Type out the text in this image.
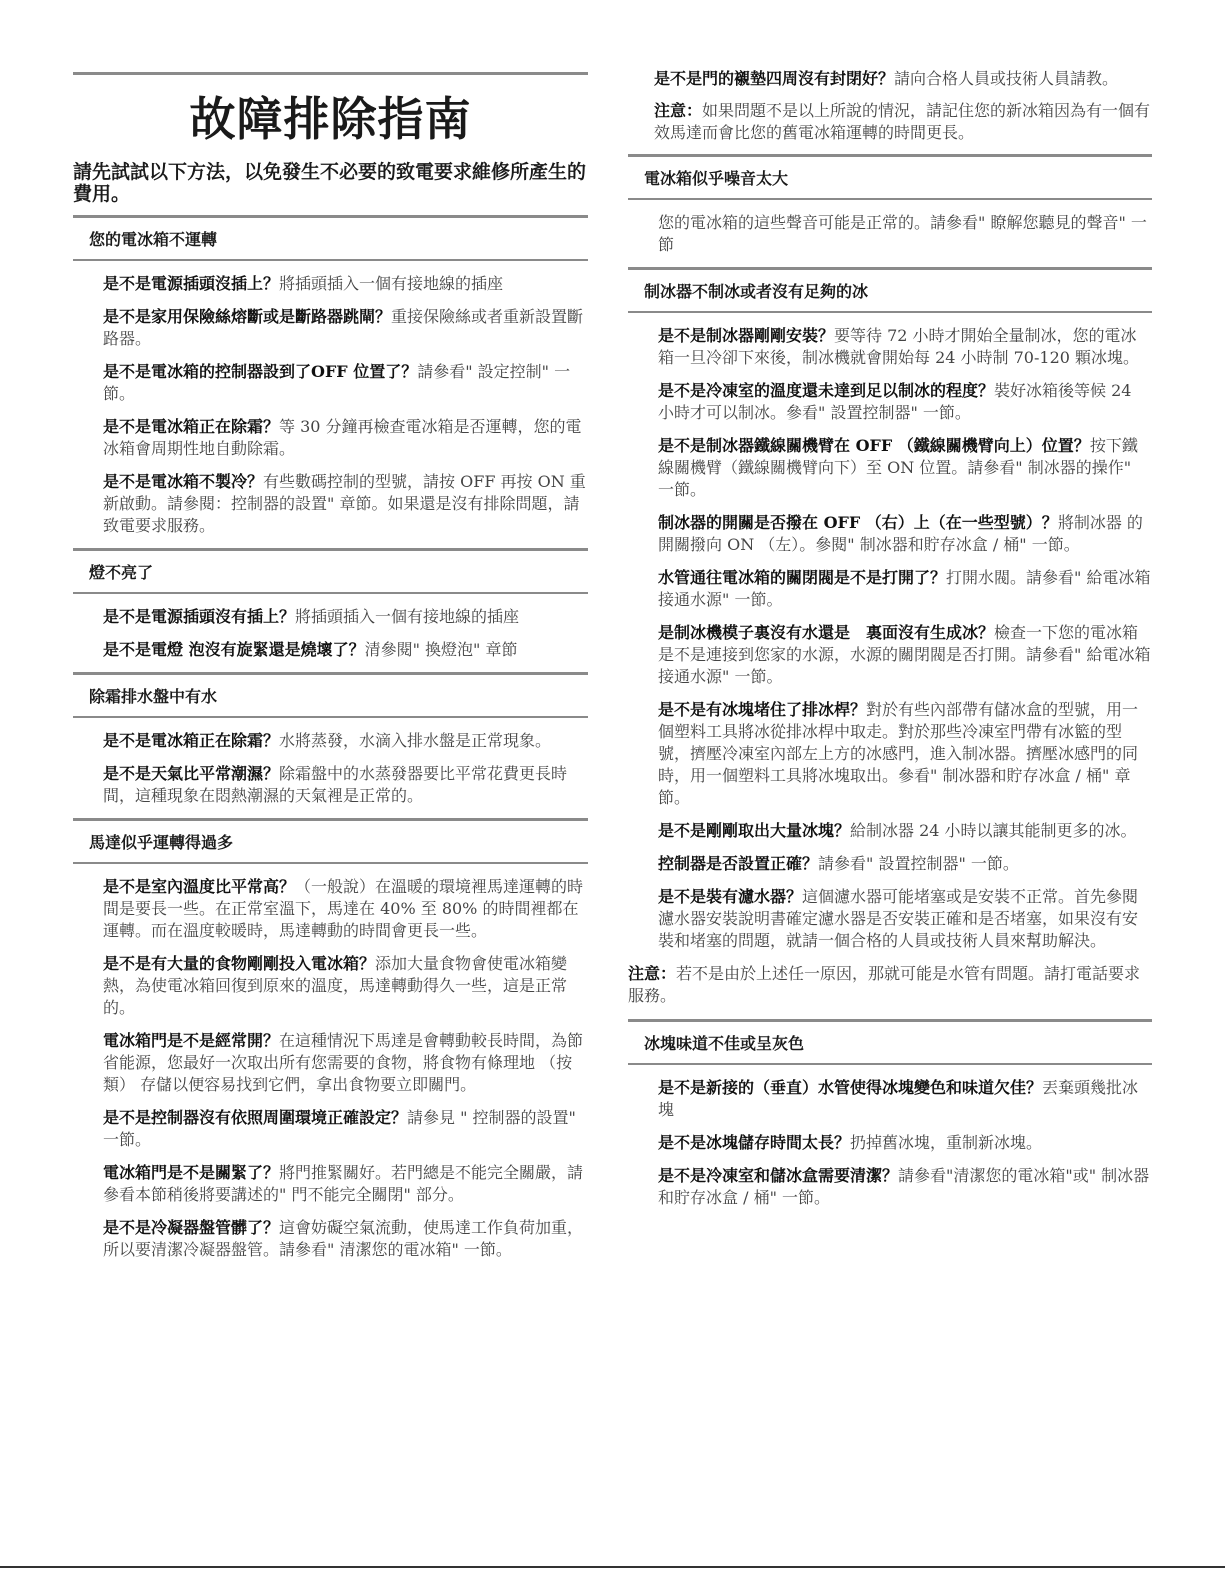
故障排除指南
請先試試以下方法，以免發生不必要的致電要求維修所產生的費用。
您的電冰箱不運轉
是不是電源插頭沒插上？將插頭插入一個有接地線的插座
是不是家用保險絲熔斷或是斷路器跳閘？重接保險絲或者重新設置斷路器。
是不是電冰箱的控制器設到了OFF 位置了？請參看" 設定控制" 一節。
是不是電冰箱正在除霜？等 30 分鐘再檢查電冰箱是否運轉，您的電冰箱會周期性地自動除霜。
是不是電冰箱不製冷？有些數碼控制的型號，請按 OFF 再按 ON 重新啟動。請參閱：控制器的設置" 章節。如果還是沒有排除問題，請致電要求服務。
燈不亮了
是不是電源插頭沒有插上？將插頭插入一個有接地線的插座
是不是電燈 泡沒有旋緊還是燒壞了？清參閱" 換燈泡" 章節
除霜排水盤中有水
是不是電冰箱正在除霜？水將蒸發，水滴入排水盤是正常現象。
是不是天氣比平常潮濕？除霜盤中的水蒸發器要比平常花費更長時間，這種現象在悶熱潮濕的天氣裡是正常的。
馬達似乎運轉得過多
是不是室內溫度比平常高？（一般說）在溫暖的環境裡馬達運轉的時間是要長一些。在正常室溫下，馬達在 40% 至 80% 的時間裡都在運轉。而在溫度較暖時，馬達轉動的時間會更長一些。
是不是有大量的食物剛剛投入電冰箱？添加大量食物會使電冰箱變熱，為使電冰箱回復到原來的溫度，馬達轉動得久一些，這是正常的。
電冰箱門是不是經常開？在這種情況下馬達是會轉動較長時間，為節省能源，您最好一次取出所有您需要的食物，將食物有條理地 （按類） 存儲以便容易找到它們，拿出食物要立即關門。
是不是控制器沒有依照周圍環境正確設定？請參見 " 控制器的設置" 一節。
電冰箱門是不是關緊了？將門推緊關好。若門總是不能完全關嚴，請參看本節稍後將要講述的" 門不能完全關閉" 部分。
是不是冷凝器盤管髒了？這會妨礙空氣流動，使馬達工作負荷加重，所以要清潔冷凝器盤管。請參看" 清潔您的電冰箱" 一節。
是不是門的襯墊四周沒有封閉好？請向合格人員或技術人員請教。
注意：如果問題不是以上所說的情況，請記住您的新冰箱因為有一個有效馬達而會比您的舊電冰箱運轉的時間更長。
電冰箱似乎噪音太大
您的電冰箱的這些聲音可能是正常的。請參看" 瞭解您聽見的聲音" 一節
制冰器不制冰或者沒有足夠的冰
是不是制冰器剛剛安裝？要等待 72 小時才開始全量制冰，您的電冰箱一旦冷卻下來後，制冰機就會開始每 24 小時制 70-120 顆冰塊。
是不是冷凍室的溫度還未達到足以制冰的程度？裝好冰箱後等候 24 小時才可以制冰。參看" 設置控制器" 一節。
是不是制冰器鐵線關機臂在 OFF （鐵線關機臂向上）位置？按下鐵線關機臂（鐵線關機臂向下）至 ON 位置。請參看" 制冰器的操作" 一節。
制冰器的開關是否撥在 OFF （右）上（在一些型號）？將制冰器 的開關撥向 ON （左）。參閱" 制冰器和貯存冰盒 / 桶" 一節。
水管通往電冰箱的關閉閥是不是打開了？打開水閥。請參看" 給電冰箱接通水源" 一節。
是制冰機模子裏沒有水還是　裏面沒有生成冰？檢查一下您的電冰箱是不是連接到您家的水源，水源的關閉閥是否打開。請參看" 給電冰箱接通水源" 一節。
是不是有冰塊堵住了排冰桿？對於有些內部帶有儲冰盒的型號，用一個塑料工具將冰從排冰桿中取走。對於那些冷凍室門帶有冰籃的型號，擠壓冷凍室內部左上方的冰感門，進入制冰器。擠壓冰感門的同時，用一個塑料工具將冰塊取出。參看" 制冰器和貯存冰盒 / 桶" 章節。
是不是剛剛取出大量冰塊？給制冰器 24 小時以讓其能制更多的冰。
控制器是否設置正確？請參看" 設置控制器" 一節。
是不是裝有濾水器？這個濾水器可能堵塞或是安裝不正常。首先參閱濾水器安裝說明書確定濾水器是否安裝正確和是否堵塞，如果沒有安裝和堵塞的問題，就請一個合格的人員或技術人員來幫助解決。
注意：若不是由於上述任一原因，那就可能是水管有問題。請打電話要求服務。
冰塊味道不佳或呈灰色
是不是新接的（垂直）水管使得冰塊變色和味道欠佳？丟棄頭幾批冰塊
是不是冰塊儲存時間太長？扔掉舊冰塊，重制新冰塊。
是不是冷凍室和儲冰盒需要清潔？請參看"清潔您的電冰箱"或" 制冰器和貯存冰盒 / 桶" 一節。
